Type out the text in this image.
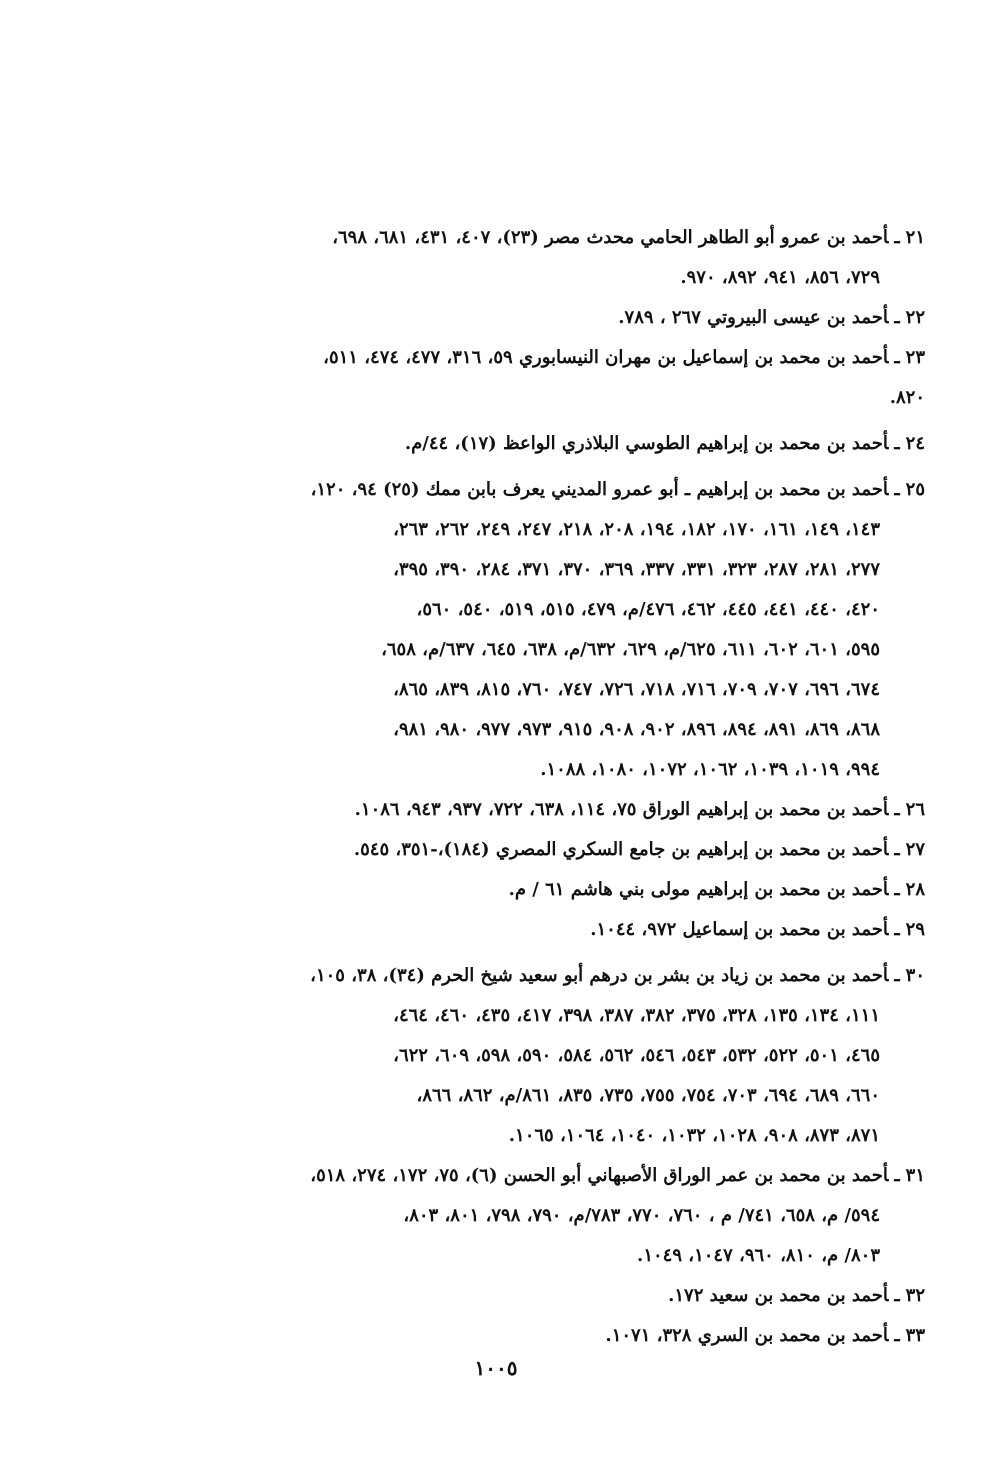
٢١ـأحمد بن عمرو أبو الطاهر الحامي محدث مصر (٢٣)، ٤٠٧، ٤٣١، ٦٨١، ٦٩٨،
٧٢٩، ٨٥٦، ٩٤١، ٨٩٢، ٩٧٠.
٢٢ـأحمد بن عيسى البيروتي ٢٦٧ ، ٧٨٩.
٢٣ـأحمد بن محمد بن إسماعيل بن مهران النيسابوري ٥٩، ٣١٦، ٤٧٧، ٤٧٤، ٥١١،
٨٢٠.
٢٤ـأحمد بن محمد بن إبراهيم الطوسي البلاذري الواعظ (١٧)، ٤٤/م.
٢٥ـأحمد بن محمد بن إبراهيم ـ أبو عمرو المديني يعرف بابن ممك (٢٥) ٩٤، ١٢٠،
١٤٣، ١٤٩، ١٦١، ١٧٠، ١٨٢، ١٩٤، ٢٠٨، ٢١٨، ٢٤٧، ٢٤٩، ٢٦٢، ٢٦٣،
٢٧٧، ٢٨١، ٢٨٧، ٣٢٣، ٣٣١، ٣٣٧، ٣٦٩، ٣٧٠، ٣٧١، ٢٨٤، ٣٩٠، ٣٩٥،
٤٢٠، ٤٤٠، ٤٤١، ٤٤٥، ٤٦٢، ٤٧٦/م، ٤٧٩، ٥١٥، ٥١٩، ٥٤٠، ٥٦٠،
٥٩٥، ٦٠١، ٦٠٢، ٦١١، ٦٢٥/م، ٦٢٩، ٦٣٢/م، ٦٣٨، ٦٤٥، ٦٣٧/م، ٦٥٨،
٦٧٤، ٦٩٦، ٧٠٧، ٧٠٩، ٧١٦، ٧١٨، ٧٢٦، ٧٤٧، ٧٦٠، ٨١٥، ٨٣٩، ٨٦٥،
٨٦٨، ٨٦٩، ٨٩١، ٨٩٤، ٨٩٦، ٩٠٢، ٩٠٨، ٩١٥، ٩٧٣، ٩٧٧، ٩٨٠، ٩٨١،
٩٩٤، ١٠١٩، ١٠٣٩، ١٠٦٢، ١٠٧٢، ١٠٨٠، ١٠٨٨.
٢٦ـأحمد بن محمد بن إبراهيم الوراق ٧٥، ١١٤، ٦٣٨، ٧٢٢، ٩٣٧، ٩٤٣، ١٠٨٦.
٢٧ـأحمد بن محمد بن إبراهيم بن جامع السكري المصري (١٨٤)،-٣٥١، ٥٤٥.
٢٨ـأحمد بن محمد بن إبراهيم مولى بني هاشم ٦١ / م.
٢٩ـأحمد بن محمد بن إسماعيل ٩٧٢، ١٠٤٤.
٣٠ـأحمد بن محمد بن زياد بن بشر بن درهم أبو سعيد شيخ الحرم (٣٤)، ٣٨، ١٠٥،
١١١، ١٣٤، ١٣٥، ٣٢٨، ٣٧٥، ٣٨٢، ٣٨٧، ٣٩٨، ٤١٧، ٤٣٥، ٤٦٠، ٤٦٤،
٤٦٥، ٥٠١، ٥٢٢، ٥٣٢، ٥٤٣، ٥٤٦، ٥٦٢، ٥٨٤، ٥٩٠، ٥٩٨، ٦٠٩، ٦٢٢،
٦٦٠، ٦٨٩، ٦٩٤، ٧٠٣، ٧٥٤، ٧٥٥، ٧٣٥، ٨٣٥، ٨٦١/م، ٨٦٢، ٨٦٦،
٨٧١، ٨٧٣، ٩٠٨، ١٠٢٨، ١٠٣٢، ١٠٤٠، ١٠٦٤، ١٠٦٥.
٣١ـأحمد بن محمد بن عمر الوراق الأصبهاني أبو الحسن (٦)، ٧٥، ١٧٢، ٢٧٤، ٥١٨،
٥٩٤/ م، ٦٥٨، ٧٤١/ م ، ٧٦٠، ٧٧٠، ٧٨٣/م، ٧٩٠، ٧٩٨، ٨٠١، ٨٠٣،
٨٠٣/ م، ٨١٠، ٩٦٠، ١٠٤٧، ١٠٤٩.
٣٢ـأحمد بن محمد بن سعيد ١٧٢.
٣٣ـأحمد بن محمد بن السري ٣٢٨، ١٠٧١.
١٠٠٥
